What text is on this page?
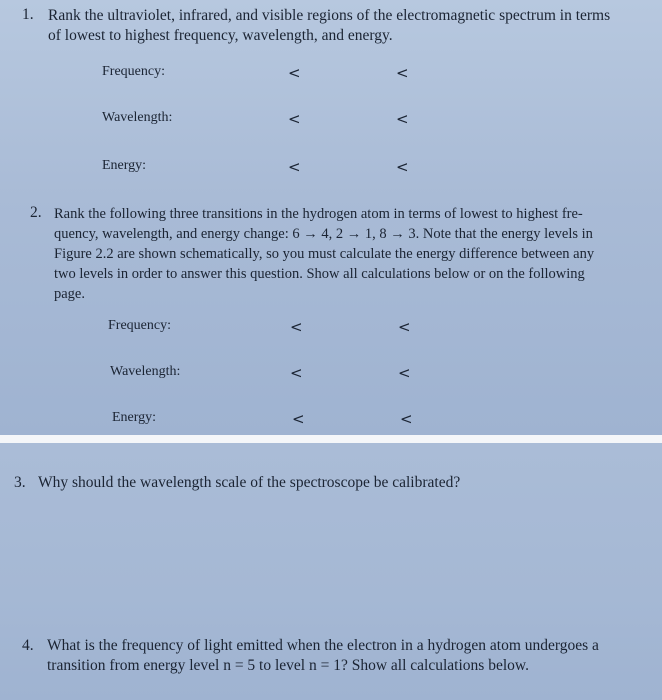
1. Rank the ultraviolet, infrared, and visible regions of the electromagnetic spectrum in terms
of lowest to highest frequency, wavelength, and energy.
Frequency:	<	<
Wavelength:	<	<
Energy:	<	<
2. Rank the following three transitions in the hydrogen atom in terms of lowest to highest fre-
quency, wavelength, and energy change: 6 → 4, 2 → 1, 8 → 3. Note that the energy levels in
Figure 2.2 are shown schematically, so you must calculate the energy difference between any
two levels in order to answer this question. Show all calculations below or on the following
page.
Frequency:	<	<
Wavelength:	<	<
Energy:	<	<
3. Why should the wavelength scale of the spectroscope be calibrated?
4. What is the frequency of light emitted when the electron in a hydrogen atom undergoes a
transition from energy level n = 5 to level n = 1? Show all calculations below.
